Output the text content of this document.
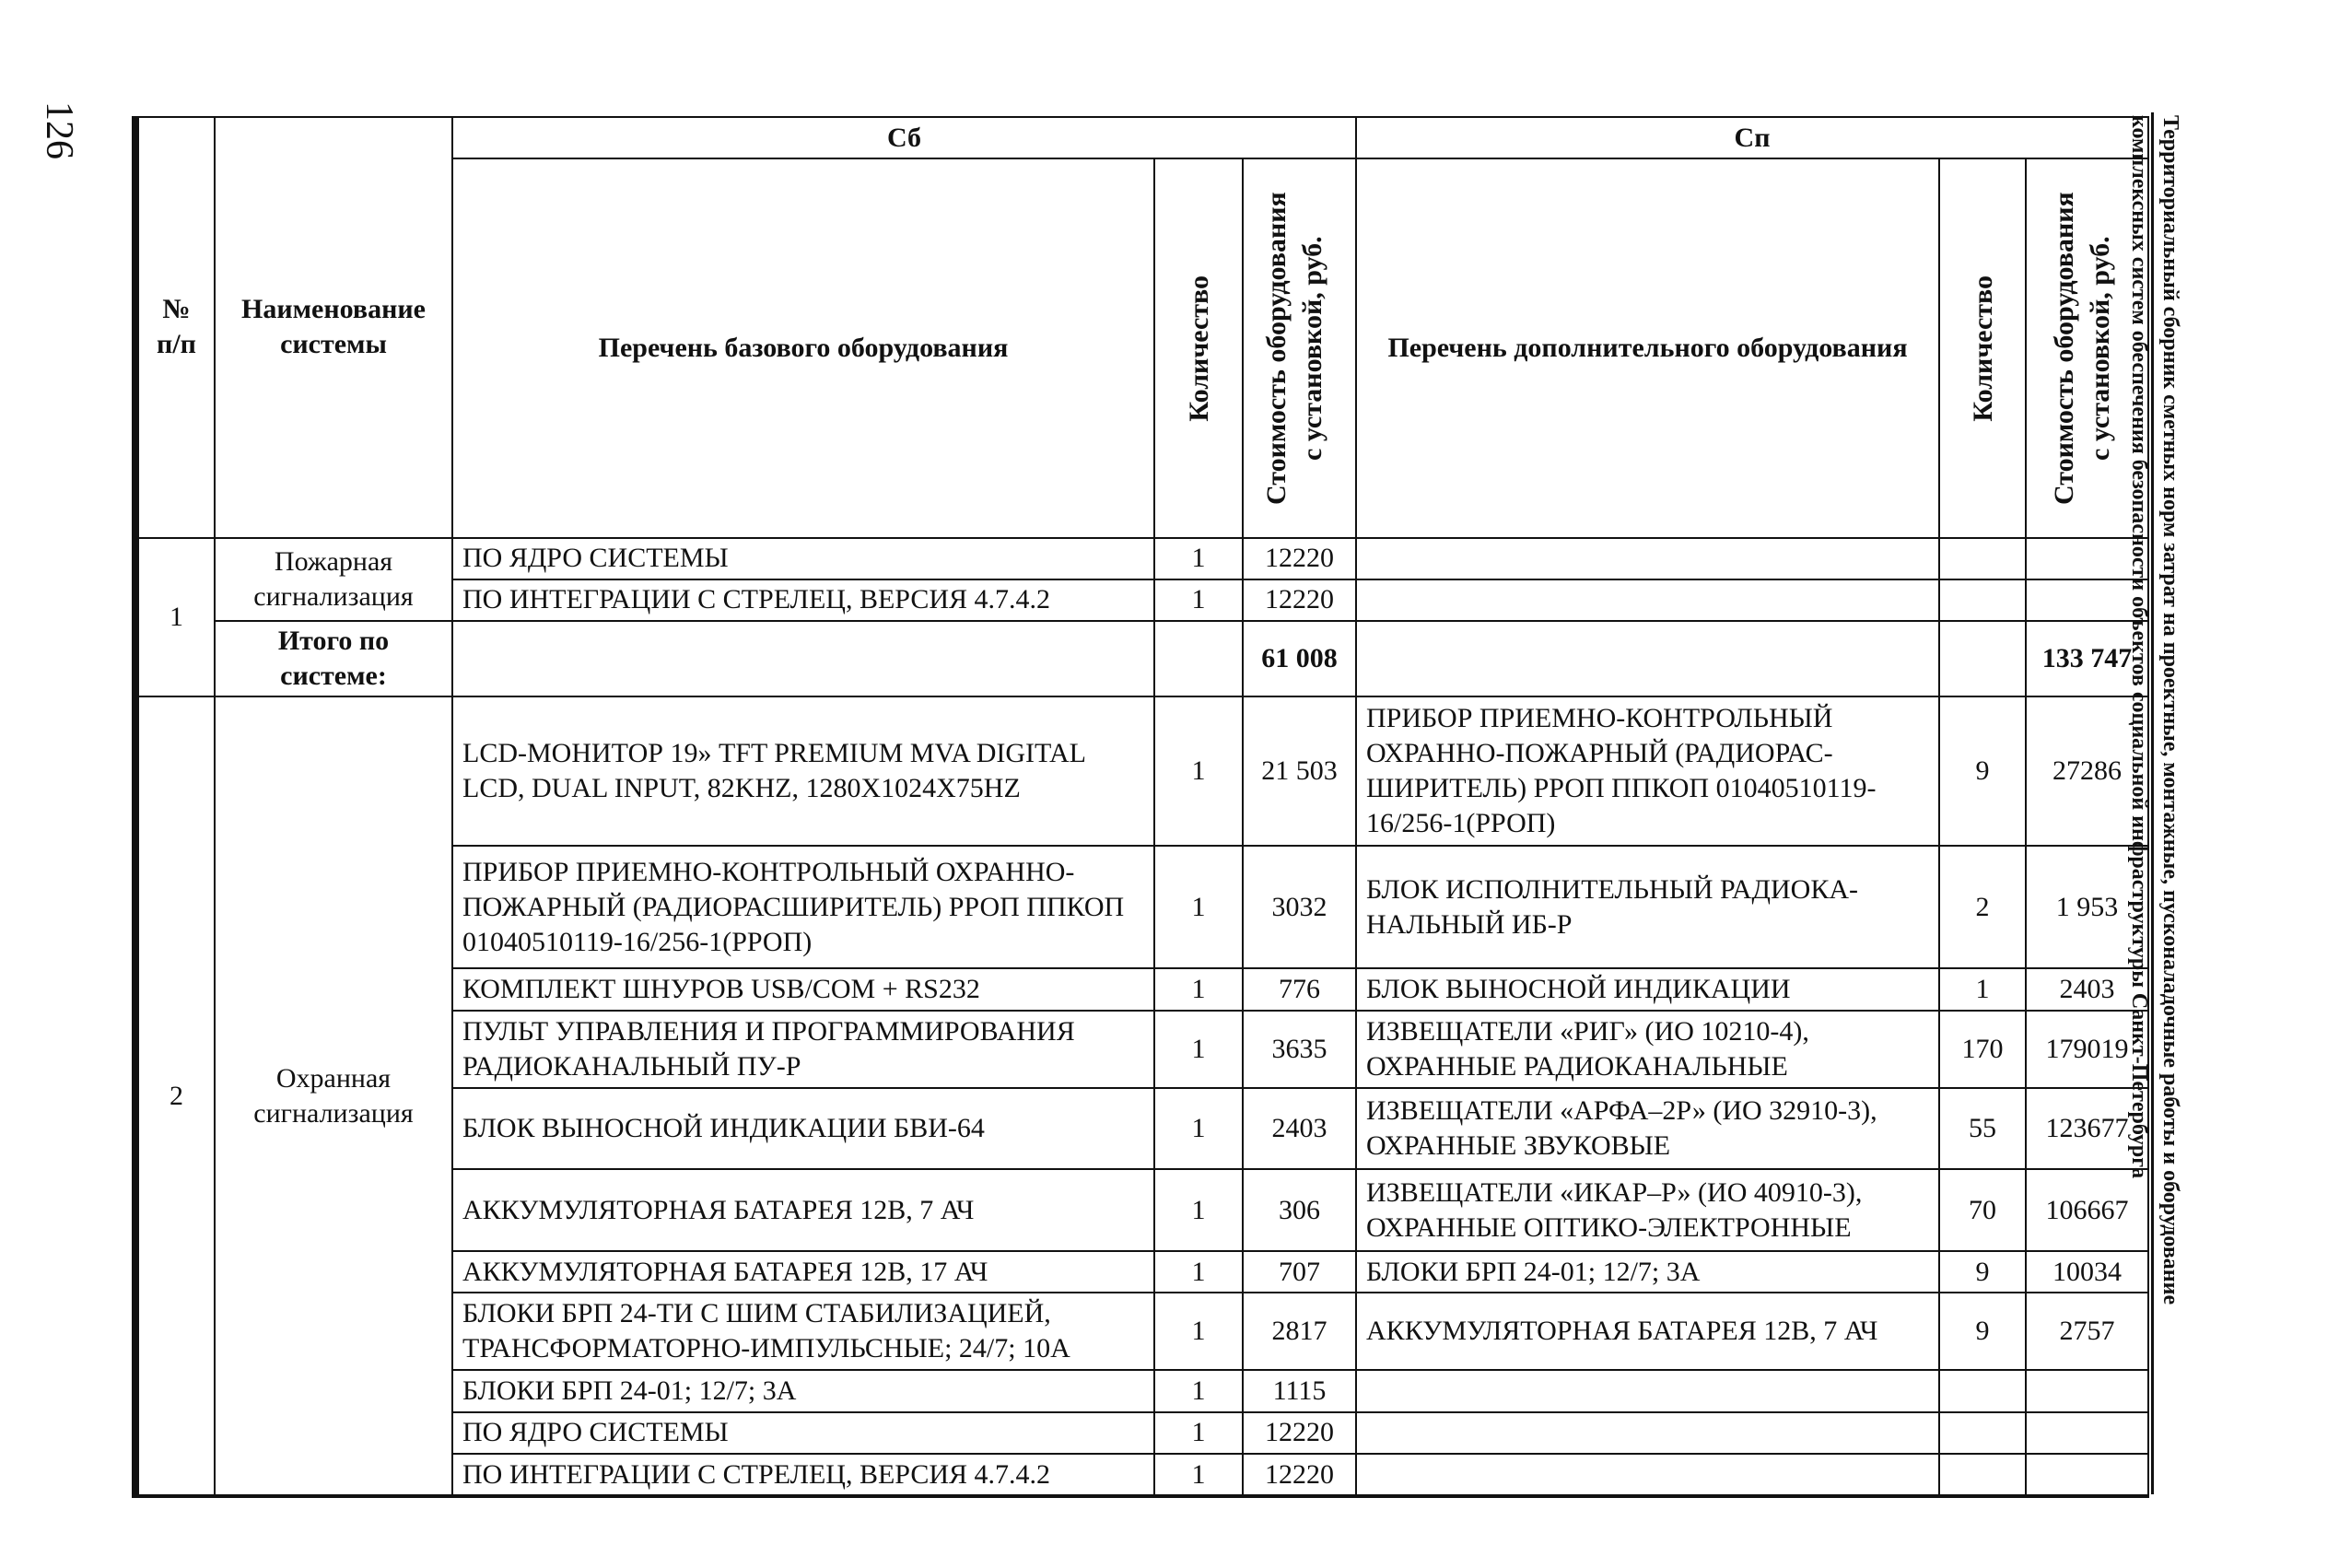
126	Территориальный сборник сметных норм затрат на проектные, монтажные, пусконаладочные работы и оборудование
комплексных систем обеспечения безопасности объектов социальной инфраструктуры Санкт-Петербурга
№ п/п	Наименование системы	Сб			Сп		
		Перечень базового оборудования	Количество	Стоимость оборудования с установкой, руб.	Перечень дополнительного оборудования	Количество	Стоимость оборудования с установкой, руб.

1	Пожарная сигнализация	ПО ЯДРО СИСТЕМЫ	1	12220			
		ПО ИНТЕГРАЦИИ С СТРЕЛЕЦ, ВЕРСИЯ 4.7.4.2	1	12220			
	Итого по системе:			61 008			133 747
2	Охранная сигнализация	LCD-МОНИТОР 19» TFT PREMIUM MVA DIGITAL LCD, DUAL INPUT, 82KHZ, 1280X1024X75HZ	1	21 503	ПРИБОР ПРИЕМНО-КОНТРОЛЬНЫЙ ОХРАННО-ПОЖАРНЫЙ (РАДИОРАС-ШИРИТЕЛЬ) РРОП ППКОП 01040510119-16/256-1(РРОП)	9	27286
		ПРИБОР ПРИЕМНО-КОНТРОЛЬНЫЙ ОХРАННО-ПОЖАРНЫЙ (РАДИОРАСШИРИТЕЛЬ) РРОП ППКОП 01040510119-16/256-1(РРОП)	1	3032	БЛОК ИСПОЛНИТЕЛЬНЫЙ РАДИОКА-НАЛЬНЫЙ ИБ-Р	2	1 953
		КОМПЛЕКТ ШНУРОВ USB/COM + RS232	1	776	БЛОК ВЫНОСНОЙ ИНДИКАЦИИ	1	2403
		ПУЛЬТ УПРАВЛЕНИЯ И ПРОГРАММИРОВАНИЯ РАДИОКАНАЛЬНЫЙ ПУ-Р	1	3635	ИЗВЕЩАТЕЛИ «РИГ» (ИО 10210-4), ОХРАННЫЕ РАДИОКАНАЛЬНЫЕ	170	179019
		БЛОК ВЫНОСНОЙ ИНДИКАЦИИ БВИ-64	1	2403	ИЗВЕЩАТЕЛИ «АРФА–2Р» (ИО 32910-3), ОХРАННЫЕ ЗВУКОВЫЕ	55	123677
		АККУМУЛЯТОРНАЯ БАТАРЕЯ 12В, 7 АЧ	1	306	ИЗВЕЩАТЕЛИ «ИКАР–Р» (ИО 40910-3), ОХРАННЫЕ ОПТИКО-ЭЛЕКТРОННЫЕ	70	106667
		АККУМУЛЯТОРНАЯ БАТАРЕЯ 12В, 17 АЧ	1	707	БЛОКИ БРП 24-01; 12/7; 3А	9	10034
		БЛОКИ БРП 24-ТИ С ШИМ СТАБИЛИЗАЦИЕЙ, ТРАНСФОРМАТОРНО-ИМПУЛЬСНЫЕ; 24/7; 10А	1	2817	АККУМУЛЯТОРНАЯ БАТАРЕЯ 12В, 7 АЧ	9	2757
		БЛОКИ БРП 24-01; 12/7; 3А	1	1115			
		ПО ЯДРО СИСТЕМЫ	1	12220			
		ПО ИНТЕГРАЦИИ С СТРЕЛЕЦ, ВЕРСИЯ 4.7.4.2	1	12220			
